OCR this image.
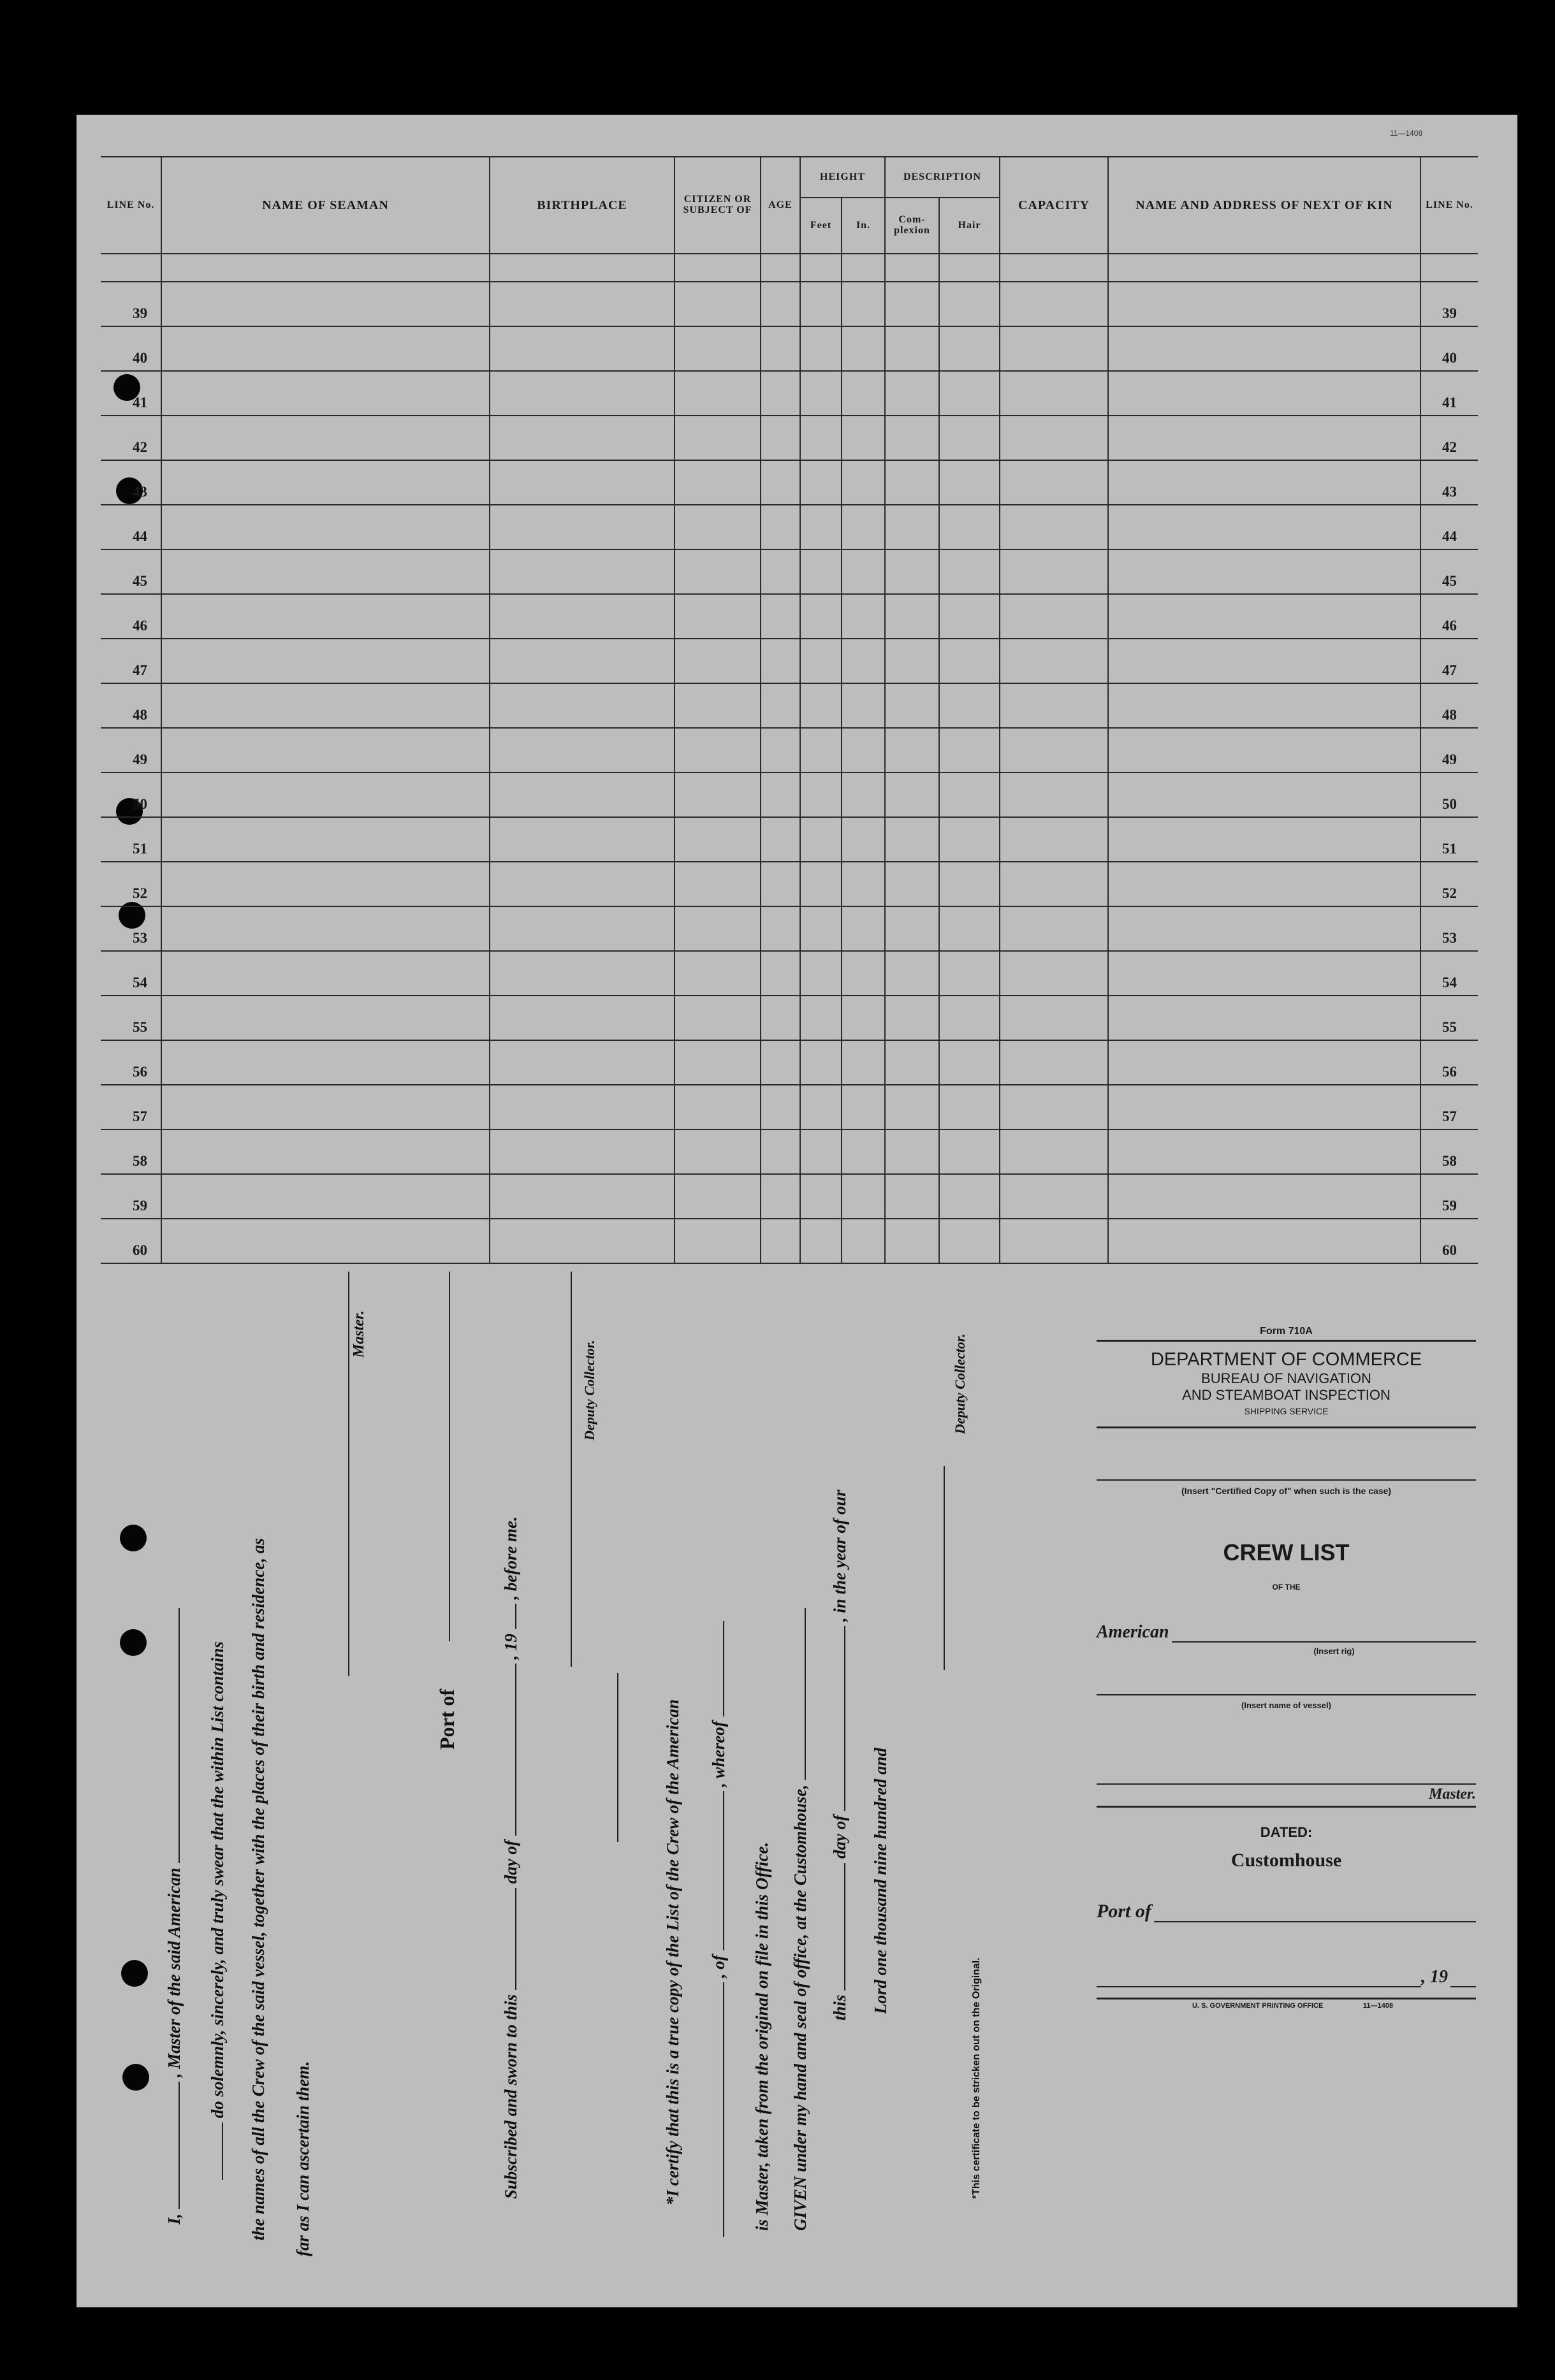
11—1408
LINE No.	NAME OF SEAMAN	BIRTHPLACE	CITIZEN OR SUBJECT OF	AGE	HEIGHT		DESCRIPTION		CAPACITY	NAME AND ADDRESS OF NEXT OF KIN	LINE No.
					Feet	In.	Com- plexion	Hair			

39											39
40											40
41											41
42											42
43											43
44											44
45											45
46											46
47											47
48											48
49											49
50											50
51											51
52											52
53											53
54											54
55											55
56											56
57											57
58											58
59											59
60											60
I,  , Master of the said American do solemnly, sincerely, and truly swear that the within List contains the names of all the Crew of the said vessel, together with the places of their birth and residence, as far as I can ascertain them.
Master.
Port of
Subscribed and sworn to this  day of  , 19  , before me.
Deputy Collector.
*I certify that this is a true copy of the List of the Crew of the American , of  , whereof
is Master, taken from the original on file in this Office. GIVEN under my hand and seal of office, at the Customhouse, this  day of  , in the year of our
Lord one thousand nine hundred and
Deputy Collector.
*This certificate to be stricken out on the Original.
Form 710A
DEPARTMENT OF COMMERCE
BUREAU OF NAVIGATION
AND STEAMBOAT INSPECTION
SHIPPING SERVICE
(Insert "Certified Copy of" when such is the case)
CREW LIST
OF THE
American
(Insert rig)
(Insert name of vessel)
Master.
DATED:
Customhouse
Port of
, 19
U. S. GOVERNMENT PRINTING OFFICE	11—1408
